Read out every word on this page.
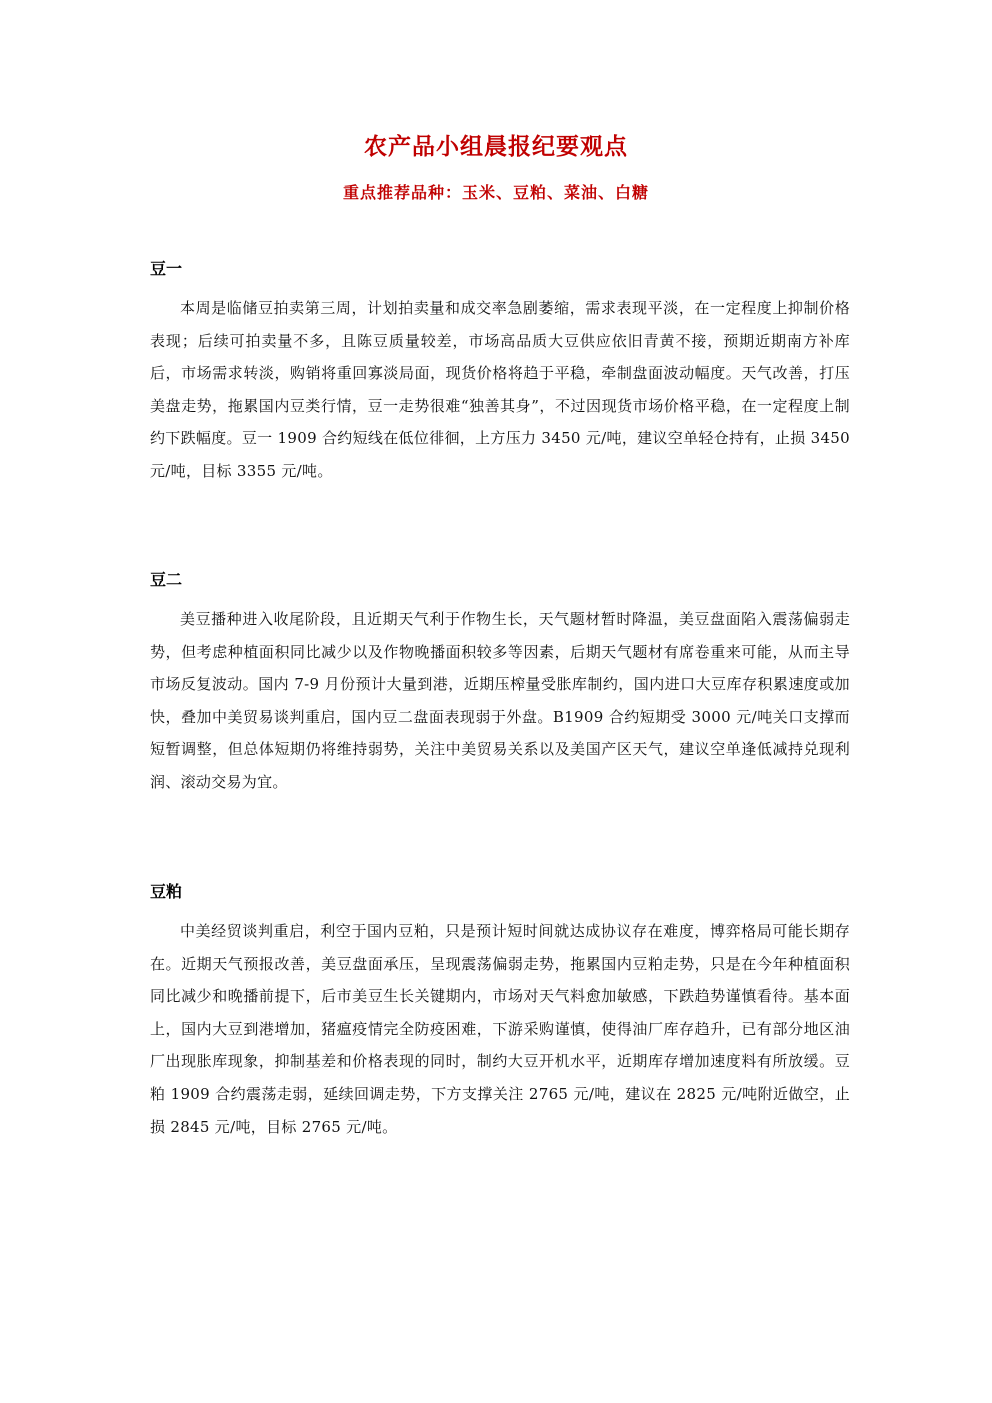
农产品小组晨报纪要观点
重点推荐品种：玉米、豆粕、菜油、白糖
豆一

本周是临储豆拍卖第三周，计划拍卖量和成交率急剧萎缩，需求表现平淡，在一定程度上抑制价格表现；后续可拍卖量不多，且陈豆质量较差，市场高品质大豆供应依旧青黄不接，预期近期南方补库后，市场需求转淡，购销将重回寡淡局面，现货价格将趋于平稳，牵制盘面波动幅度。天气改善，打压美盘走势，拖累国内豆类行情，豆一走势很难“独善其身”，不过因现货市场价格平稳，在一定程度上制约下跌幅度。豆一 1909 合约短线在低位徘徊，上方压力 3450 元/吨，建议空单轻仓持有，止损 3450 元/吨，目标 3355 元/吨。

豆二

美豆播种进入收尾阶段，且近期天气利于作物生长，天气题材暂时降温，美豆盘面陷入震荡偏弱走势，但考虑种植面积同比减少以及作物晚播面积较多等因素，后期天气题材有席卷重来可能，从而主导市场反复波动。国内 7-9 月份预计大量到港，近期压榨量受胀库制约，国内进口大豆库存积累速度或加快，叠加中美贸易谈判重启，国内豆二盘面表现弱于外盘。B1909 合约短期受 3000 元/吨关口支撑而短暂调整，但总体短期仍将维持弱势，关注中美贸易关系以及美国产区天气，建议空单逢低减持兑现利润、滚动交易为宜。

豆粕

中美经贸谈判重启，利空于国内豆粕，只是预计短时间就达成协议存在难度，博弈格局可能长期存在。近期天气预报改善，美豆盘面承压，呈现震荡偏弱走势，拖累国内豆粕走势，只是在今年种植面积同比减少和晚播前提下，后市美豆生长关键期内，市场对天气料愈加敏感，下跌趋势谨慎看待。基本面上，国内大豆到港增加，猪瘟疫情完全防疫困难，下游采购谨慎，使得油厂库存趋升，已有部分地区油厂出现胀库现象，抑制基差和价格表现的同时，制约大豆开机水平，近期库存增加速度料有所放缓。豆粕 1909 合约震荡走弱，延续回调走势，下方支撑关注 2765 元/吨，建议在 2825 元/吨附近做空，止损 2845 元/吨，目标 2765 元/吨。
